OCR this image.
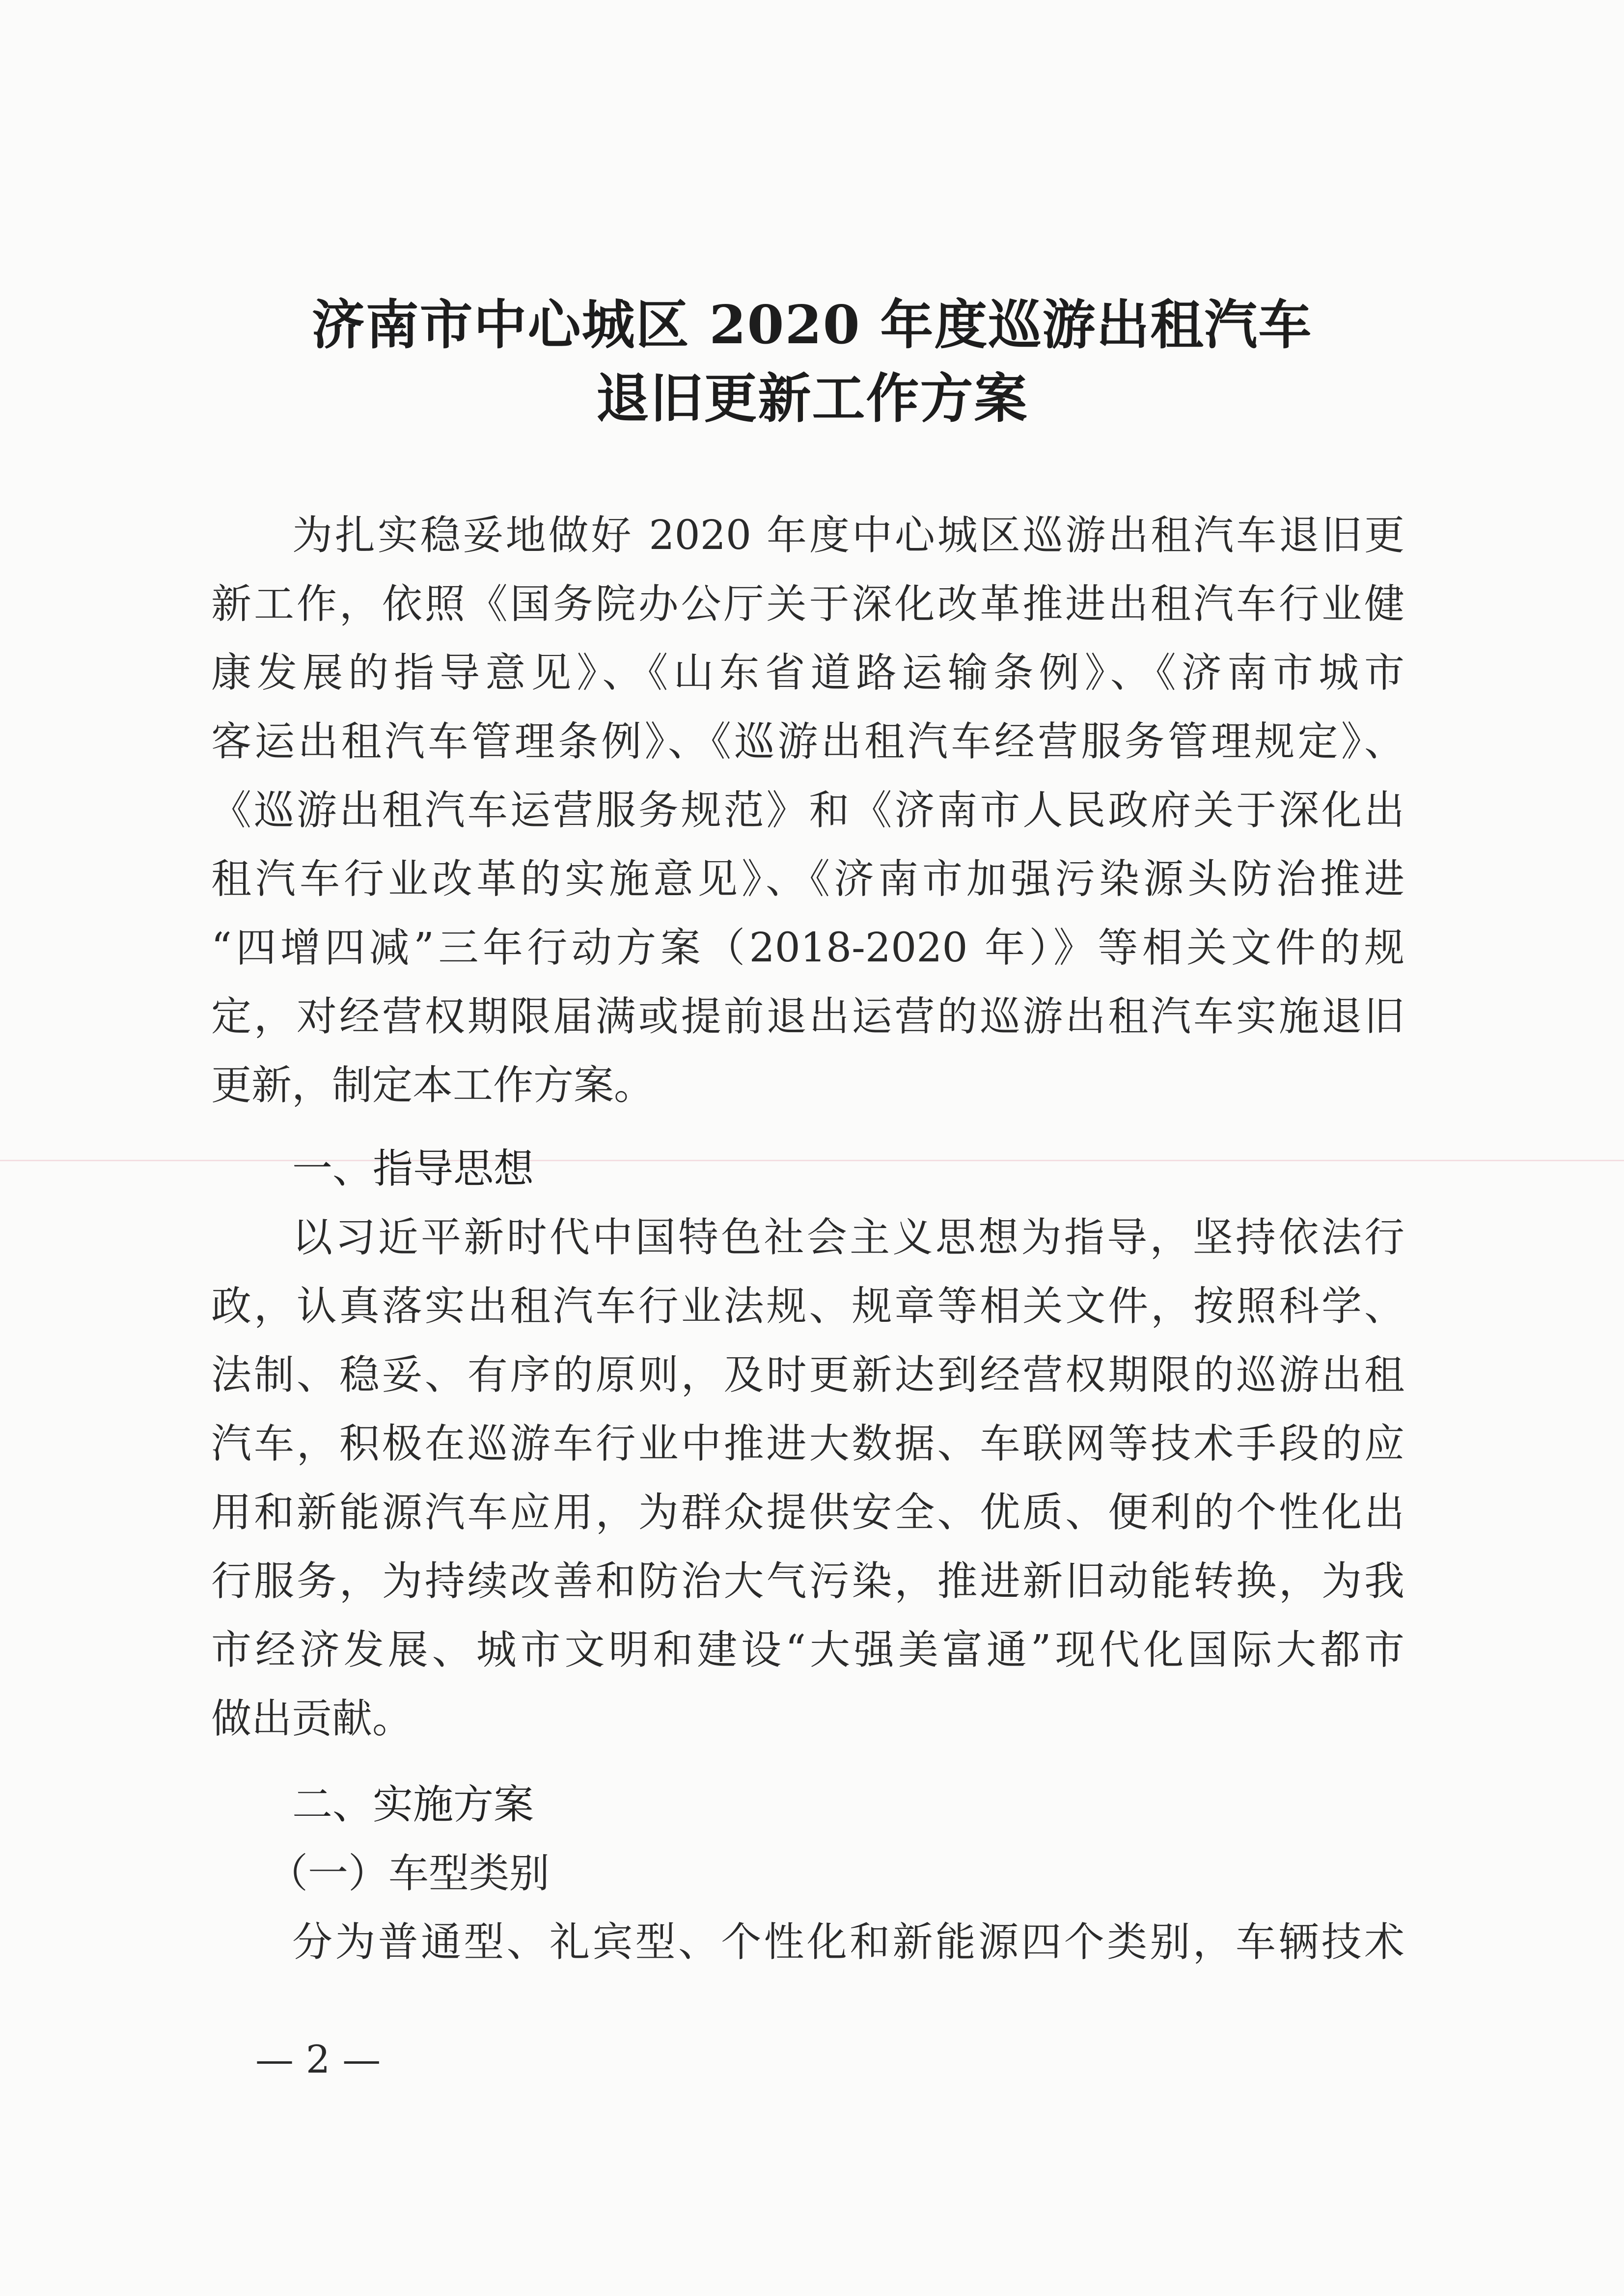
济南市中心城区 2020 年度巡游出租汽车
退旧更新工作方案
为扎实稳妥地做好 2020 年度中心城区巡游出租汽车退旧更
新工作，依照《国务院办公厅关于深化改革推进出租汽车行业健
康发展的指导意见》、《山东省道路运输条例》、《济南市城市
客运出租汽车管理条例》、《巡游出租汽车经营服务管理规定》、
《巡游出租汽车运营服务规范》和《济南市人民政府关于深化出
租汽车行业改革的实施意见》、《济南市加强污染源头防治推进
“四增四减”三年行动方案（2018-2020 年）》等相关文件的规
定，对经营权期限届满或提前退出运营的巡游出租汽车实施退旧
更新，制定本工作方案。
一、指导思想
以习近平新时代中国特色社会主义思想为指导，坚持依法行
政，认真落实出租汽车行业法规、规章等相关文件，按照科学、
法制、稳妥、有序的原则，及时更新达到经营权期限的巡游出租
汽车，积极在巡游车行业中推进大数据、车联网等技术手段的应
用和新能源汽车应用，为群众提供安全、优质、便利的个性化出
行服务，为持续改善和防治大气污染，推进新旧动能转换，为我
市经济发展、城市文明和建设“大强美富通”现代化国际大都市
做出贡献。
二、实施方案
（一）车型类别
分为普通型、礼宾型、个性化和新能源四个类别，车辆技术
— 2 —
